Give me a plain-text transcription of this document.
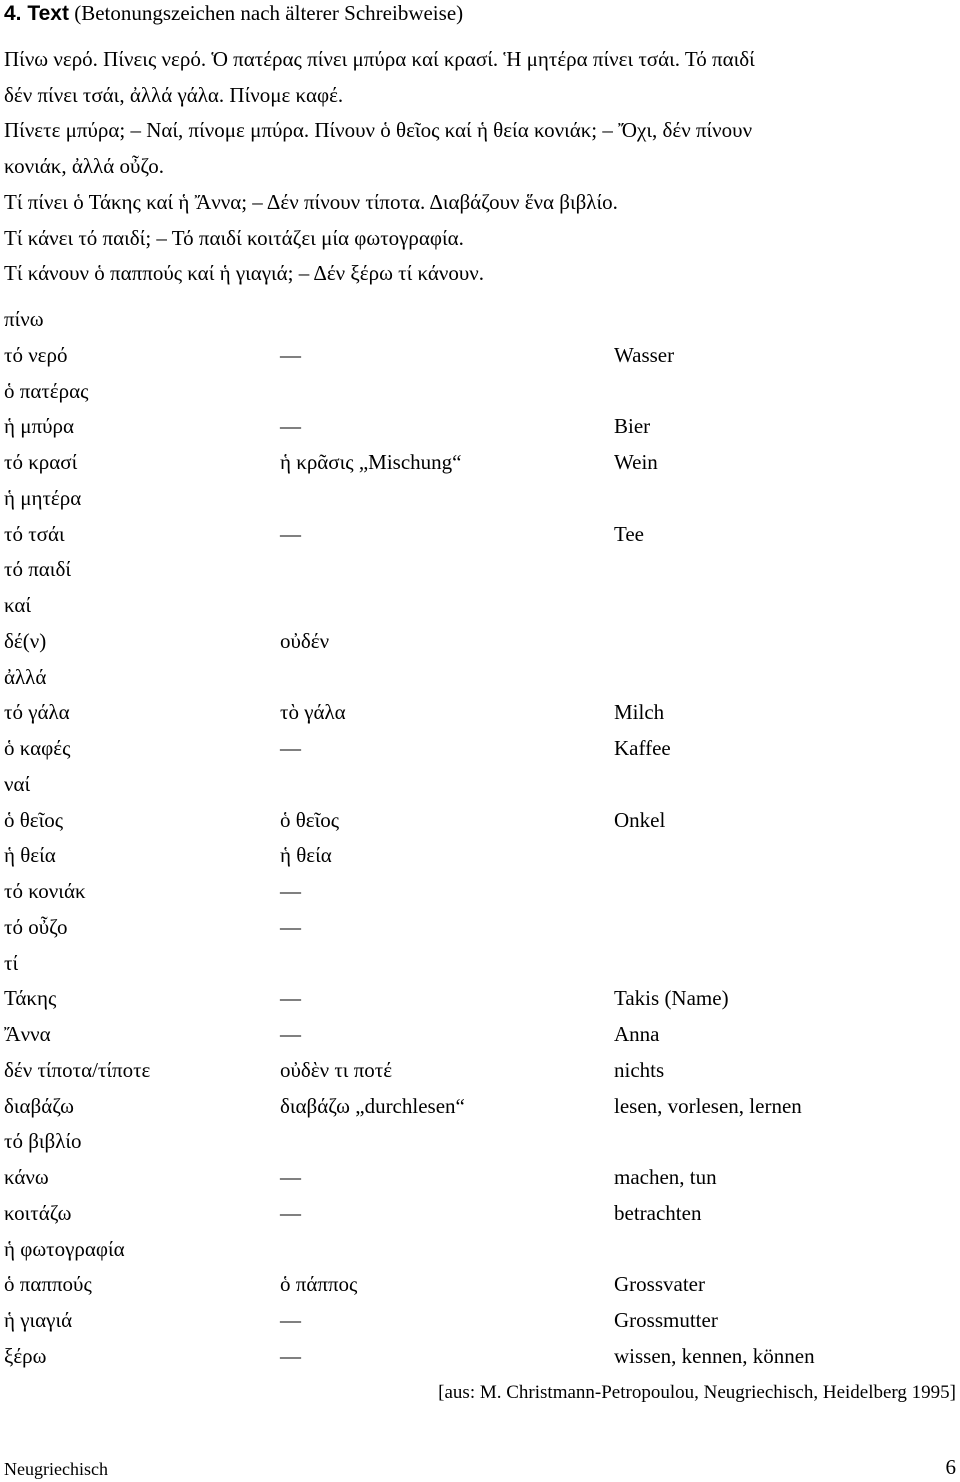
4. Text (Betonungszeichen nach älterer Schreibweise)

Πίνω νερό. Πίνεις νερό. Ὁ πατέρας πίνει μπύρα καί κρασί. Ἡ μητέρα πίνει τσάι. Τό παιδί

δέν πίνει τσάι, ἀλλά γάλα. Πίνομε καφέ.

Πίνετε μπύρα; – Ναί, πίνομε μπύρα. Πίνουν ὁ θεῖος καί ἡ θεία κονιάκ; – Ὄχι, δέν πίνουν

κονιάκ, ἀλλά οὖζο.

Τί πίνει ὁ Τάκης καί ἡ Ἄννα; – Δέν πίνουν τίποτα. Διαβάζουν ἕνα βιβλίο.

Τί κάνει τό παιδί; – Τό παιδί κοιτάζει μία φωτογραφία.

Τί κάνουν ὁ παππούς καί ἡ γιαγιά; – Δέν ξέρω τί κάνουν.

πίνω
τό νερό	—	Wasser
ὁ πατέρας
ἡ μπύρα	—	Bier
τό κρασί	ἡ κρᾶσις „Mischung“	Wein
ἡ μητέρα
τό τσάι	—	Tee
τό παιδί
καί
δέ(ν)	οὐδέν
ἀλλά
τό γάλα	τὸ γάλα	Milch
ὁ καφές	—	Kaffee
ναί
ὁ θεῖος	ὁ θεῖος	Onkel
ἡ θεία	ἡ θεία
τό κονιάκ	—
τό οὖζο	—
τί
Τάκης	—	Takis (Name)
Ἄννα	—	Anna
δέν τίποτα/τίποτε	οὐδὲν τι ποτέ	nichts
διαβάζω	διαβάζω „durchlesen“	lesen, vorlesen, lernen
τό βιβλίο
κάνω	—	machen, tun
κοιτάζω	—	betrachten
ἡ φωτογραφία
ὁ παππούς	ὁ πάππος	Grossvater
ἡ γιαγιά	—	Grossmutter
ξέρω	—	wissen, kennen, können
[aus: M. Christmann-Petropoulou, Neugriechisch, Heidelberg 1995]
Neugriechisch	6
